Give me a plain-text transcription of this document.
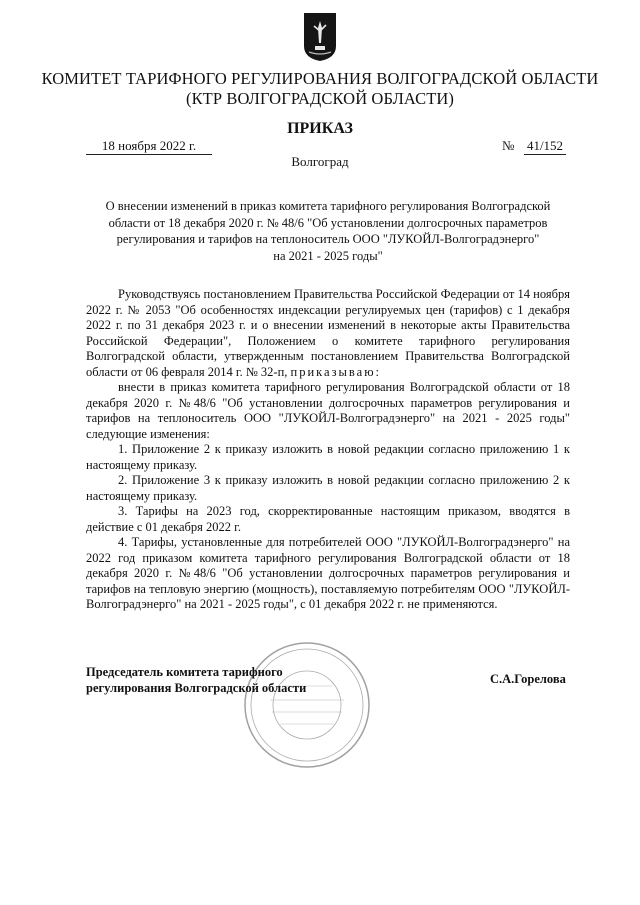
КОМИТЕТ ТАРИФНОГО РЕГУЛИРОВАНИЯ ВОЛГОГРАДСКОЙ ОБЛАСТИ
(КТР ВОЛГОГРАДСКОЙ ОБЛАСТИ)
ПРИКАЗ
18 ноября 2022 г.	№ 41/152
Волгоград
О внесении изменений в приказ комитета тарифного регулирования Волгоградской
области от 18 декабря 2020 г. № 48/6 "Об установлении долгосрочных параметров
регулирования и тарифов на теплоноситель ООО "ЛУКОЙЛ-Волгоградэнерго"
на 2021 - 2025 годы"

Руководствуясь постановлением Правительства Российской Федерации от 14 ноября 2022 г. № 2053 "Об особенностях индексации регулируемых цен (тарифов) с 1 декабря 2022 г. по 31 декабря 2023 г. и о внесении изменений в некоторые акты Правительства Российской Федерации", Положением о комитете тарифного регулирования Волгоградской области, утвержденным постановлением Правительства Волгоградской области от 06 февраля 2014 г. № 32-п, приказываю:

внести в приказ комитета тарифного регулирования Волгоградской области от 18 декабря 2020 г. №48/6 "Об установлении долгосрочных параметров регулирования и тарифов на теплоноситель ООО "ЛУКОЙЛ-Волгоградэнерго" на 2021 - 2025 годы" следующие изменения:

1. Приложение 2 к приказу изложить в новой редакции согласно приложению 1 к настоящему приказу.

2. Приложение 3 к приказу изложить в новой редакции согласно приложению 2 к настоящему приказу.

3. Тарифы на 2023 год, скорректированные настоящим приказом, вводятся в действие с 01 декабря 2022 г.

4. Тарифы, установленные для потребителей ООО "ЛУКОЙЛ-Волгоградэнерго" на 2022 год приказом комитета тарифного регулирования Волгоградской области от 18 декабря 2020 г. №48/6 "Об установлении долгосрочных параметров регулирования и тарифов на тепловую энергию (мощность), поставляемую потребителям ООО "ЛУКОЙЛ-Волгоградэнерго" на 2021 - 2025 годы", с 01 декабря 2022 г. не применяются.

Председатель комитета тарифного
регулирования Волгоградской области
С.А.Горелова
